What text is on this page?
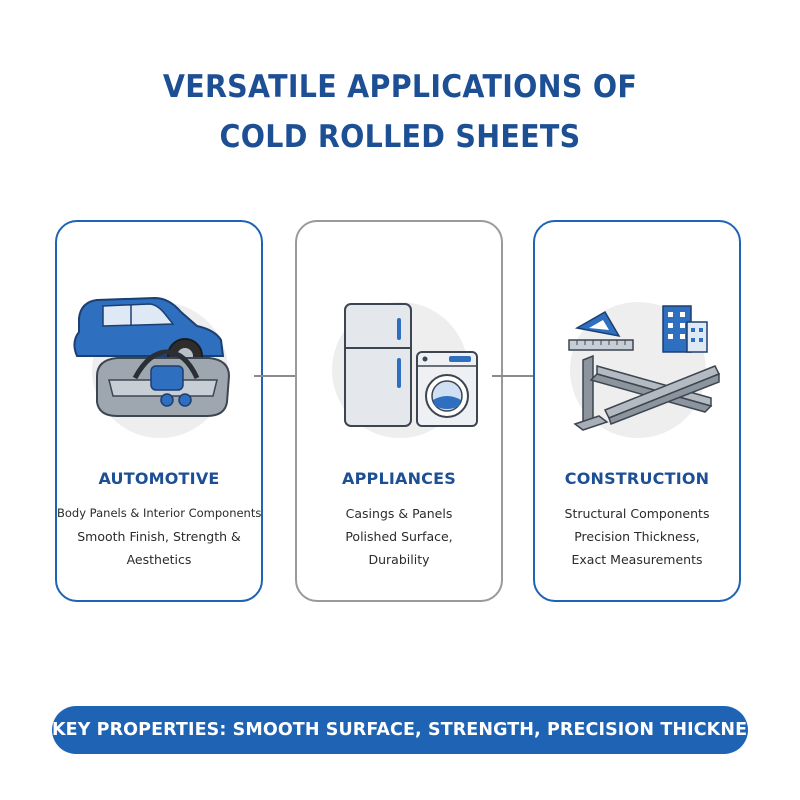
VERSATILE APPLICATIONS OF
COLD ROLLED SHEETS
AUTOMOTIVE
Body Panels & Interior Components
Smooth Finish, Strength &
Aesthetics
APPLIANCES
Casings & Panels
Polished Surface,
Durability
CONSTRUCTION
Structural Components
Precision Thickness,
Exact Measurements
KEY PROPERTIES: SMOOTH SURFACE, STRENGTH, PRECISION THICKNESS
